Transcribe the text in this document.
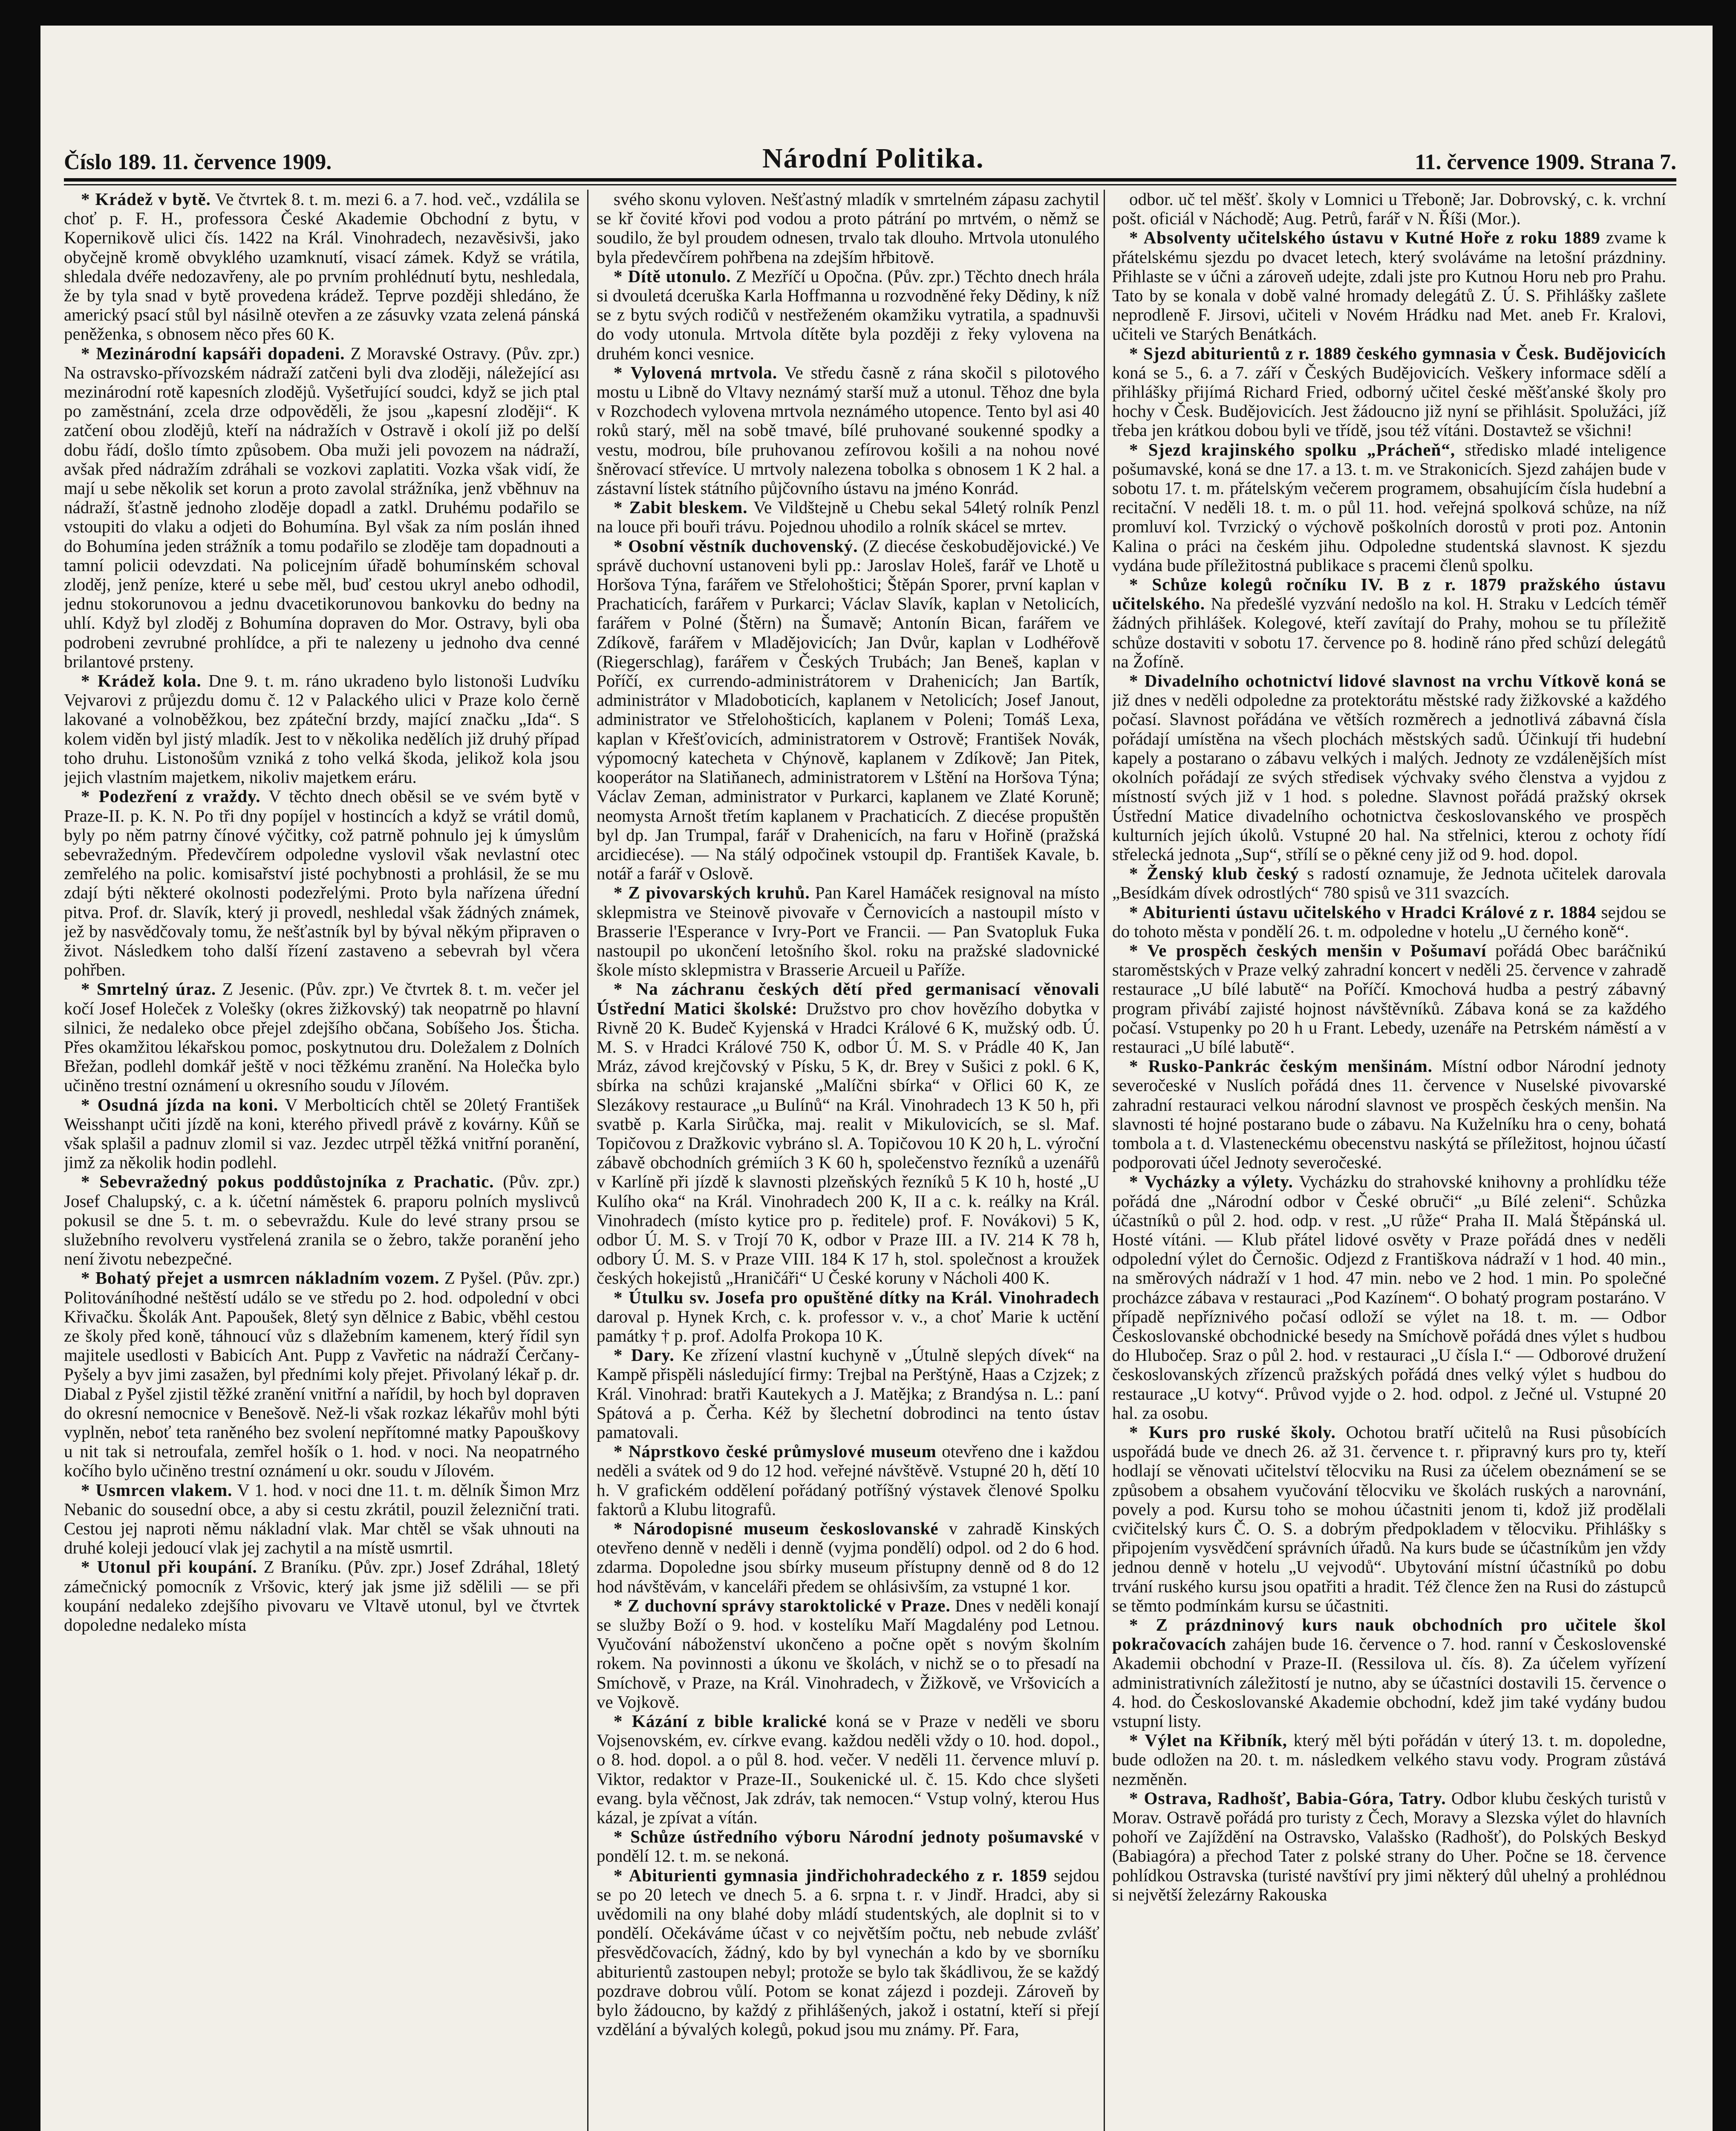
Číslo 189. 11. července 1909.	Národní Politika.	11. července 1909. Strana 7.

* Krádež v bytě. Ve čtvrtek 8. t. m. mezi 6. a 7. hod. več., vzdálila se choť p. F. H., professora České Akademie Obchodní z bytu, v Kopernikově ulici čís. 1422 na Král. Vinohradech, nezavěsivši, jako obyčejně kromě obvyklého uzamknutí, visací zámek. Když se vrátila, shledala dvéře nedozavřeny, ale po prvním prohlédnutí bytu, neshledala, že by tyla snad v bytě provedena krádež. Teprve později shledáno, že americký psací stůl byl násilně otevřen a ze zásuvky vzata zelená pánská peněženka, s obnosem něco přes 60 K.

* Mezinárodní kapsáři dopadeni. Z Moravské Ostravy. (Pův. zpr.) Na ostravsko-přívozském nádraží zatčeni byli dva zloději, náležející ası mezinárodní rotě kapesních zlodějů. Vyšetřující soudci, když se jich ptal po zaměstnání, zcela drze odpověděli, že jsou „kapesní zloději“. K zatčení obou zlodějů, kteří na nádražích v Ostravě i okolí již po delší dobu řádí, došlo tímto způsobem. Oba muži jeli povozem na nádraží, avšak před nádražím zdráhali se vozkovi zaplatiti. Vozka však vidí, že mají u sebe několik set korun a proto zavolal strážníka, jenž vběhnuv na nádraží, šťastně jednoho zloděje dopadl a zatkl. Druhému podařilo se vstoupiti do vlaku a odjeti do Bohumína. Byl však za ním poslán ihned do Bohumína jeden strážník a tomu podařilo se zloděje tam dopadnouti a tamní policii odevzdati. Na policejním úřadě bohumínském schoval zloděj, jenž peníze, které u sebe měl, buď cestou ukryl anebo odhodil, jednu stokorunovou a jednu dvacetikorunovou bankovku do bedny na uhlí. Když byl zloděj z Bohumína dopraven do Mor. Ostravy, byli oba podrobeni zevrubné prohlídce, a při te nalezeny u jednoho dva cenné brilantové prsteny.

* Krádež kola. Dne 9. t. m. ráno ukradeno bylo listonoši Ludvíku Vejvarovi z průjezdu domu č. 12 v Palackého ulici v Praze kolo černě lakované a volnoběžkou, bez zpáteční brzdy, mající značku „Ida“. S kolem viděn byl jistý mladík. Jest to v několika nedělích již druhý případ toho druhu. Listonošům vzniká z toho velká škoda, jelikož kola jsou jejich vlastním majetkem, nikoliv majetkem eráru.

* Podezření z vraždy. V těchto dnech oběsil se ve svém bytě v Praze-II. p. K. N. Po tři dny popíjel v hostincích a když se vrátil domů, byly po něm patrny čínové výčitky, což patrně pohnulo jej k úmyslům sebevražedným. Předevčírem odpoledne vyslovil však nevlastní otec zemřelého na polic. komisařství jisté pochybnosti a prohlásil, že se mu zdají býti některé okolnosti podezřelými. Proto byla nařízena úřední pitva. Prof. dr. Slavík, který ji provedl, neshledal však žádných známek, jež by nasvědčovaly tomu, že nešťastník byl by býval někým připraven o život. Následkem toho další řízení zastaveno a sebevrah byl včera pohřben.

* Smrtelný úraz. Z Jesenic. (Pův. zpr.) Ve čtvrtek 8. t. m. večer jel kočí Josef Holeček z Volešky (okres žižkovský) tak neopatrně po hlavní silnici, že nedaleko obce přejel zdejšího občana, Sobíšeho Jos. Šticha. Přes okamžitou lékařskou pomoc, poskytnutou dru. Doležalem z Dolních Břežan, podlehl domkář ještě v noci těžkému zranění. Na Holečka bylo učiněno trestní oznámení u okresního soudu v Jílovém.

* Osudná jízda na koni. V Merbolticích chtěl se 20letý František Weisshanpt učiti jízdě na koni, kterého přivedl právě z kovárny. Kůň se však splašil a padnuv zlomil si vaz. Jezdec utrpěl těžká vnitřní poranění, jimž za několik hodin podlehl.

* Sebevražedný pokus poddůstojníka z Prachatic. (Pův. zpr.) Josef Chalupský, c. a k. účetní náměstek 6. praporu polních myslivců pokusil se dne 5. t. m. o sebevraždu. Kule do levé strany prsou se služebního revolveru vystřelená zranila se o žebro, takže poranění jeho není životu nebezpečné.

* Bohatý přejet a usmrcen nákladním vozem. Z Pyšel. (Pův. zpr.) Politováníhodné neštěstí událo se ve středu po 2. hod. odpolední v obci Křivačku. Školák Ant. Papoušek, 8letý syn dělnice z Babic, vběhl cestou ze školy před koně, táhnoucí vůz s dlažebním kamenem, který řídil syn majitele usedlosti v Babicích Ant. Pupp z Vavřetic na nádraží Čerčany-Pyšely a byv jimi zasažen, byl předními koly přejet. Přivolaný lékař p. dr. Diabal z Pyšel zjistil těžké zranění vnitřní a nařídil, by hoch byl dopraven do okresní nemocnice v Benešově. Než-li však rozkaz lékařův mohl býti vyplněn, neboť teta raněného bez svolení nepřítomné matky Papouškovy u nit tak si netroufala, zemřel hošík o 1. hod. v noci. Na neopatrného kočího bylo učiněno trestní oznámení u okr. soudu v Jílovém.

* Usmrcen vlakem. V 1. hod. v noci dne 11. t. m. dělník Šimon Mrz Nebanic do sousední obce, a aby si cestu zkrátil, pouzil železniční trati. Cestou jej naproti němu nákladní vlak. Mar chtěl se však uhnouti na druhé koleji jedoucí vlak jej zachytil a na místě usmrtil.

* Utonul při koupání. Z Braníku. (Pův. zpr.) Josef Zdráhal, 18letý zámečnický pomocník z Vršovic, který jak jsme již sdělili — se při koupání nedaleko zdejšího pivovaru ve Vltavě utonul, byl ve čtvrtek dopoledne nedaleko místa

svého skonu vyloven. Nešťastný mladík v smrtelném zápasu zachytil se kř čovité křovi pod vodou a proto pátrání po mrtvém, o němž se soudilo, že byl proudem odnesen, trvalo tak dlouho. Mrtvola utonulého byla předevčírem pohřbena na zdejším hřbitově.

* Dítě utonulo. Z Mezříčí u Opočna. (Pův. zpr.) Těchto dnech hrála si dvouletá dceruška Karla Hoffmanna u rozvodněné řeky Dědiny, k níž se z bytu svých rodičů v nestřeženém okamžiku vytratila, a spadnuvši do vody utonula. Mrtvola dítěte byla později z řeky vylovena na druhém konci vesnice.

* Vylovená mrtvola. Ve středu časně z rána skočil s pilotového mostu u Libně do Vltavy neznámý starší muž a utonul. Těhoz dne byla v Rozchodech vylovena mrtvola neznámého utopence. Tento byl asi 40 roků starý, měl na sobě tmavé, bílé pruhované soukenné spodky a vestu, modrou, bíle pruhovanou zefírovou košili a na nohou nové šněrovací střevíce. U mrtvoly nalezena tobolka s obnosem 1 K 2 hal. a zástavní lístek státního půjčovního ústavu na jméno Konrád.

* Zabit bleskem. Ve Vildštejně u Chebu sekal 54letý rolník Penzl na louce při bouři trávu. Pojednou uhodilo a rolník skácel se mrtev.

* Osobní věstník duchovenský. (Z diecése českobudějovické.) Ve správě duchovní ustanoveni byli pp.: Jaroslav Holeš, farář ve Lhotě u Horšova Týna, farářem ve Střelohoštici; Štěpán Sporer, první kaplan v Prachaticích, farářem v Purkarci; Václav Slavík, kaplan v Netolicích, farářem v Polné (Štěrn) na Šumavě; Antonín Bican, farářem ve Zdíkově, farářem v Mladějovicích; Jan Dvůr, kaplan v Lodhéřově (Riegerschlag), farářem v Českých Trubách; Jan Beneš, kaplan v Poříčí, ex currendo-administrátorem v Drahenicích; Jan Bartík, administrátor v Mladoboticích, kaplanem v Netolicích; Josef Janout, administrator ve Střelohošticích, kaplanem v Poleni; Tomáš Lexa, kaplan v Křešťovicích, administratorem v Ostrově; František Novák, výpomocný katecheta v Chýnově, kaplanem v Zdíkově; Jan Pitek, kooperátor na Slatiňanech, administratorem v Lštění na Horšova Týna; Václav Zeman, administrator v Purkarci, kaplanem ve Zlaté Koruně; neomysta Arnošt třetím kaplanem v Prachaticích. Z diecése propuštěn byl dp. Jan Trumpal, farář v Drahenicích, na faru v Hořině (pražská arcidiecése). — Na stálý odpočinek vstoupil dp. František Kavale, b. notář a farář v Oslově.

* Z pivovarských kruhů. Pan Karel Hamáček resignoval na místo sklepmistra ve Steinově pivovaře v Černovicích a nastoupil místo v Brasserie l'Esperance v Ivry-Port ve Francii. — Pan Svatopluk Fuka nastoupil po ukončení letošního škol. roku na pražské sladovnické škole místo sklepmistra v Brasserie Arcueil u Paříže.

* Na záchranu českých dětí před germanisací věnovali Ústřední Matici školské: Družstvo pro chov hovězího dobytka v Rivně 20 K. Budeč Kyjenská v Hradci Králové 6 K, mužský odb. Ú. M. S. v Hradci Králové 750 K, odbor Ú. M. S. v Prádle 40 K, Jan Mráz, závod krejčovský v Písku, 5 K, dr. Brey v Sušici z pokl. 6 K, sbírka na schůzi krajanské „Malíčni sbírka“ v Ořlici 60 K, ze Slezákovy restaurace „u Bulínů“ na Král. Vinohradech 13 K 50 h, při svatbě p. Karla Sirůčka, maj. realit v Mikulovicích, se sl. Maf. Topičovou z Dražkovic vybráno sl. A. Topičovou 10 K 20 h, L. výroční zábavě obchodních grémiích 3 K 60 h, společenstvo řezníků a uzenářů v Karlíně při jízdě k slavnosti plzeňských řezníků 5 K 10 h, hosté „U Kulího oka“ na Král. Vinohradech 200 K, II a c. k. reálky na Král. Vinohradech (místo kytice pro p. ředitele) prof. F. Novákovi) 5 K, odbor Ú. M. S. v Trojí 70 K, odbor v Praze III. a IV. 214 K 78 h, odbory Ú. M. S. v Praze VIII. 184 K 17 h, stol. společnost a kroužek českých hokejistů „Hraničáři“ U České koruny v Nácholi 400 K.

* Útulku sv. Josefa pro opuštěné dítky na Král. Vinohradech daroval p. Hynek Krch, c. k. professor v. v., a choť Marie k uctění památky † p. prof. Adolfa Prokopa 10 K.

* Dary. Ke zřízení vlastní kuchyně v „Útulně slepých dívek“ na Kampě přispěli následující firmy: Trejbal na Perštýně, Haas a Czjzek; z Král. Vinohrad: bratři Kautekych a J. Matějka; z Brandýsa n. L.: paní Spátová a p. Čerha. Kéž by šlechetní dobrodinci na tento ústav pamatovali.

* Náprstkovo české průmyslové museum otevřeno dne i každou neděli a svátek od 9 do 12 hod. veřejné návštěvě. Vstupné 20 h, dětí 10 h. V grafickém oddělení pořádaný potříšný výstavek členové Spolku faktorů a Klubu litografů.

* Národopisné museum českoslovanské v zahradě Kinských otevřeno denně v neděli i denně (vyjma pondělí) odpol. od 2 do 6 hod. zdarma. Dopoledne jsou sbírky museum přístupny denně od 8 do 12 hod návštěvám, v kanceláři předem se ohlásivším, za vstupné 1 kor.

* Z duchovní správy staroktolické v Praze. Dnes v neděli konají se služby Boží o 9. hod. v kostelíku Maří Magdalény pod Letnou. Vyučování náboženství ukončeno a počne opět s novým školním rokem. Na povinnosti a úkonu ve školách, v nichž se o to přesadí na Smíchově, v Praze, na Král. Vinohradech, v Žižkově, ve Vršovicích a ve Vojkově.

* Kázání z bible kralické koná se v Praze v neděli ve sboru Vojsenovském, ev. církve evang. každou neděli vždy o 10. hod. dopol., o 8. hod. dopol. a o půl 8. hod. večer. V neděli 11. července mluví p. Viktor, redaktor v Praze-II., Soukenické ul. č. 15. Kdo chce slyšeti evang. byla věčnost, Jak zdráv, tak nemocen.“ Vstup volný, kterou Hus kázal, je zpívat a vítán.

* Schůze ústředního výboru Národní jednoty pošumavské v pondělí 12. t. m. se nekoná.

* Abiturienti gymnasia jindřichohradeckého z r. 1859 sejdou se po 20 letech ve dnech 5. a 6. srpna t. r. v Jindř. Hradci, aby si uvědomili na ony blahé doby mládí studentských, ale doplnit si to v pondělí. Očekáváme účast v co největším počtu, neb nebude zvlášť přesvědčovacích, žádný, kdo by byl vynechán a kdo by ve sborníku abiturientů zastoupen nebyl; protože se bylo tak škádlivou, že se každý pozdrave dobrou vůlí. Potom se konat zájezd i pozdeji. Zároveň by bylo žádoucno, by každý z přihlášených, jakož i ostatní, kteří si přejí vzdělání a bývalých kolegů, pokud jsou mu známy. Př. Fara,

odbor. uč tel měšť. školy v Lomnici u Třeboně; Jar. Dobrovský, c. k. vrchní pošt. oficiál v Náchodě; Aug. Petrů, farář v N. Říši (Mor.).

* Absolventy učitelského ústavu v Kutné Hoře z roku 1889 zvame k přátelskému sjezdu po dvacet letech, který svoláváme na letošní prázdniny. Přihlaste se v účni a zároveň udejte, zdali jste pro Kutnou Horu neb pro Prahu. Tato by se konala v době valné hromady delegátů Z. Ú. S. Přihlášky zašlete neprodleně F. Jirsovi, učiteli v Novém Hrádku nad Met. aneb Fr. Kralovi, učiteli ve Starých Benátkách.

* Sjezd abiturientů z r. 1889 českého gymnasia v Česk. Budějovicích koná se 5., 6. a 7. září v Českých Budějovicích. Veškery informace sdělí a přihlášky přijímá Richard Fried, odborný učitel české měšťanské školy pro hochy v Česk. Budějovicích. Jest žádoucno již nyní se přihlásit. Spolužáci, jíž třeba jen krátkou dobou byli ve třídě, jsou též vítáni. Dostavtež se všichni!

* Sjezd krajinského spolku „Prácheň“, středisko mladé inteligence pošumavské, koná se dne 17. a 13. t. m. ve Strakonicích. Sjezd zahájen bude v sobotu 17. t. m. přátelským večerem programem, obsahujícím čísla hudební a recitační. V neděli 18. t. m. o půl 11. hod. veřejná spolková schůze, na níž promluví kol. Tvrzický o výchově poškolních dorostů v proti poz. Antonin Kalina o práci na českém jihu. Odpoledne studentská slavnost. K sjezdu vydána bude příležitostná publikace s pracemi členů spolku.

* Schůze kolegů ročníku IV. B z r. 1879 pražského ústavu učitelského. Na předešlé vyzvání nedošlo na kol. H. Straku v Ledcích téměř žádných přihlášek. Kolegové, kteří zavítají do Prahy, mohou se tu příležitě schůze dostaviti v sobotu 17. července po 8. hodině ráno před schůzí delegátů na Žofíně.

* Divadelního ochotnictví lidové slavnost na vrchu Vítkově koná se již dnes v neděli odpoledne za protektorátu městské rady žižkovské a každého počasí. Slavnost pořádána ve větších rozměrech a jednotlivá zábavná čísla pořádají umístěna na všech plochách městských sadů. Účinkují tři hudební kapely a postarano o zábavu velkých i malých. Jednoty ze vzdálenějších míst okolních pořádají ze svých středisek výchvaky svého členstva a vyjdou z místností svých již v 1 hod. s poledne. Slavnost pořádá pražský okrsek Ústřední Matice divadelního ochotnictva českoslovanského ve prospěch kulturních jejích úkolů. Vstupné 20 hal. Na střelnici, kterou z ochoty řídí střelecká jednota „Sup“, střílí se o pěkné ceny již od 9. hod. dopol.

* Ženský klub český s radostí oznamuje, že Jednota učitelek darovala „Besídkám dívek odrostlých“ 780 spisů ve 311 svazcích.

* Abiturienti ústavu učitelského v Hradci Králové z r. 1884 sejdou se do tohoto města v pondělí 26. t. m. odpoledne v hotelu „U černého koně“.

* Ve prospěch českých menšin v Pošumaví pořádá Obec baráčnikú staroměstských v Praze velký zahradní koncert v neděli 25. července v zahradě restaurace „U bílé labutě“ na Poříčí. Kmochová hudba a pestrý zábavný program přivábí zajisté hojnost návštěvníků. Zábava koná se za každého počasí. Vstupenky po 20 h u Frant. Lebedy, uzenáře na Petrském náměstí a v restauraci „U bílé labutě“.

* Rusko-Pankrác českým menšinám. Místní odbor Národní jednoty severočeské v Nuslích pořádá dnes 11. července v Nuselské pivovarské zahradní restauraci velkou národní slavnost ve prospěch českých menšin. Na slavnosti té hojné postarano bude o zábavu. Na Kuželníku hra o ceny, bohatá tombola a t. d. Vlasteneckému obecenstvu naskýtá se příležitost, hojnou účastí podporovati účel Jednoty severočeské.

* Vycházky a výlety. Vycházku do strahovské knihovny a prohlídku téže pořádá dne „Národní odbor v České obruči“ „u Bílé zeleni“. Schůzka účastníků o půl 2. hod. odp. v rest. „U růže“ Praha II. Malá Štěpánská ul. Hosté vítáni. — Klub přátel lidové osvěty v Praze pořádá dnes v neděli odpolední výlet do Černošic. Odjezd z Františkova nádraží v 1 hod. 40 min., na směrových nádraží v 1 hod. 47 min. nebo ve 2 hod. 1 min. Po společné procházce zábava v restauraci „Pod Kazínem“. O bohatý program postaráno. V případě nepříznivého počasí odloží se výlet na 18. t. m. — Odbor Českoslovanské obchodnické besedy na Smíchově pořádá dnes výlet s hudbou do Hlubočep. Sraz o půl 2. hod. v restauraci „U čísla I.“ — Odborové družení českoslovanských zřízenců pražských pořádá dnes velký výlet s hudbou do restaurace „U kotvy“. Průvod vyjde o 2. hod. odpol. z Ječné ul. Vstupné 20 hal. za osobu.

* Kurs pro ruské školy. Ochotou bratří učitelů na Rusi působících uspořádá bude ve dnech 26. až 31. července t. r. připravný kurs pro ty, kteří hodlají se věnovati učitelství tělocviku na Rusi za účelem obeznámení se se způsobem a obsahem vyučování tělocviku ve školách ruských a narovnání, povely a pod. Kursu toho se mohou účastniti jenom ti, kdož již prodělali cvičitelský kurs Č. O. S. a dobrým předpokladem v tělocviku. Přihlášky s připojením vysvědčení správních úřadů. Na kurs bude se účastníkům jen vždy jednou denně v hotelu „U vejvodů“. Ubytování místní účastníků po dobu trvání ruského kursu jsou opatřiti a hradit. Též člence žen na Rusi do zástupců se těmto podmínkám kursu se účastniti.

* Z prázdninový kurs nauk obchodních pro učitele škol pokračovacích zahájen bude 16. července o 7. hod. ranní v Československé Akademii obchodní v Praze-II. (Ressilova ul. čís. 8). Za účelem vyřízení administrativních záležitostí je nutno, aby se účastníci dostavili 15. července o 4. hod. do Českoslovanské Akademie obchodní, kdež jim také vydány budou vstupní listy.

* Výlet na Křibník, který měl býti pořádán v úterý 13. t. m. dopoledne, bude odložen na 20. t. m. následkem velkého stavu vody. Program zůstává nezměněn.

* Ostrava, Radhošť, Babia-Góra, Tatry. Odbor klubu českých turistů v Morav. Ostravě pořádá pro turisty z Čech, Moravy a Slezska výlet do hlavních pohoří ve Zajíždění na Ostravsko, Valašsko (Radhošť), do Polských Beskyd (Babiagóra) a přechod Tater z polské strany do Uher. Počne se 18. července pohlídkou Ostravska (turisté navštíví pry jimi některý důl uhelný a prohlédnou si největší železárny Rakouska
